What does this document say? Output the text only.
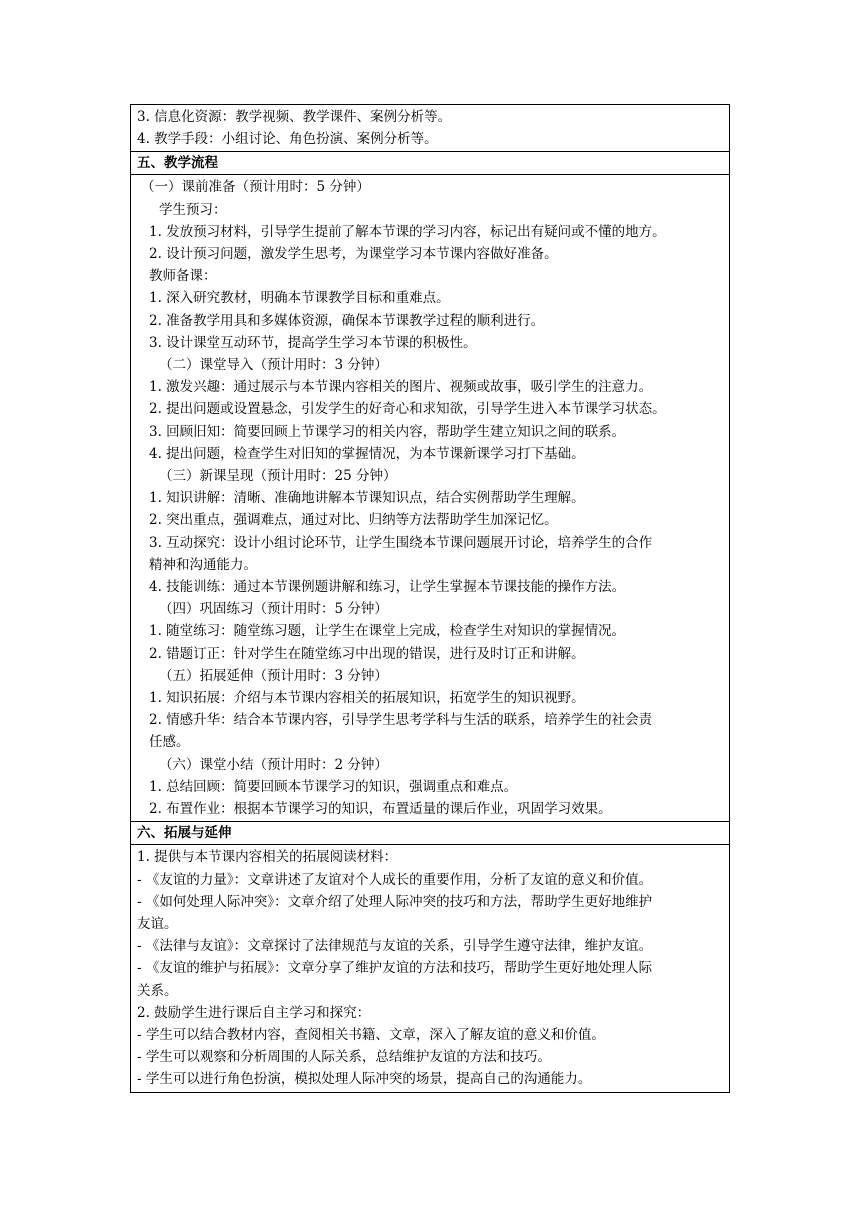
3. 信息化资源：教学视频、教学课件、案例分析等。
4. 教学手段：小组讨论、角色扮演、案例分析等。
五、教学流程
（一）课前准备（预计用时：5 分钟）
学生预习：
1. 发放预习材料，引导学生提前了解本节课的学习内容，标记出有疑问或不懂的地方。
2. 设计预习问题，激发学生思考，为课堂学习本节课内容做好准备。
教师备课：
1. 深入研究教材，明确本节课教学目标和重难点。
2. 准备教学用具和多媒体资源，确保本节课教学过程的顺利进行。
3. 设计课堂互动环节，提高学生学习本节课的积极性。
（二）课堂导入（预计用时：3 分钟）
1. 激发兴趣：通过展示与本节课内容相关的图片、视频或故事，吸引学生的注意力。
2. 提出问题或设置悬念，引发学生的好奇心和求知欲，引导学生进入本节课学习状态。
3. 回顾旧知：简要回顾上节课学习的相关内容，帮助学生建立知识之间的联系。
4. 提出问题，检查学生对旧知的掌握情况，为本节课新课学习打下基础。
（三）新课呈现（预计用时：25 分钟）
1. 知识讲解：清晰、准确地讲解本节课知识点，结合实例帮助学生理解。
2. 突出重点，强调难点，通过对比、归纳等方法帮助学生加深记忆。
3. 互动探究：设计小组讨论环节，让学生围绕本节课问题展开讨论，培养学生的合作
精神和沟通能力。
4. 技能训练：通过本节课例题讲解和练习，让学生掌握本节课技能的操作方法。
（四）巩固练习（预计用时：5 分钟）
1. 随堂练习：随堂练习题，让学生在课堂上完成，检查学生对知识的掌握情况。
2. 错题订正：针对学生在随堂练习中出现的错误，进行及时订正和讲解。
（五）拓展延伸（预计用时：3 分钟）
1. 知识拓展：介绍与本节课内容相关的拓展知识，拓宽学生的知识视野。
2. 情感升华：结合本节课内容，引导学生思考学科与生活的联系，培养学生的社会责
任感。
（六）课堂小结（预计用时：2 分钟）
1. 总结回顾：简要回顾本节课学习的知识，强调重点和难点。
2. 布置作业：根据本节课学习的知识，布置适量的课后作业，巩固学习效果。
六、拓展与延伸
1. 提供与本节课内容相关的拓展阅读材料：
- 《友谊的力量》：文章讲述了友谊对个人成长的重要作用，分析了友谊的意义和价值。
- 《如何处理人际冲突》：文章介绍了处理人际冲突的技巧和方法，帮助学生更好地维护
友谊。
- 《法律与友谊》：文章探讨了法律规范与友谊的关系，引导学生遵守法律，维护友谊。
- 《友谊的维护与拓展》：文章分享了维护友谊的方法和技巧，帮助学生更好地处理人际
关系。
2. 鼓励学生进行课后自主学习和探究：
- 学生可以结合教材内容，查阅相关书籍、文章，深入了解友谊的意义和价值。
- 学生可以观察和分析周围的人际关系，总结维护友谊的方法和技巧。
- 学生可以进行角色扮演，模拟处理人际冲突的场景，提高自己的沟通能力。
